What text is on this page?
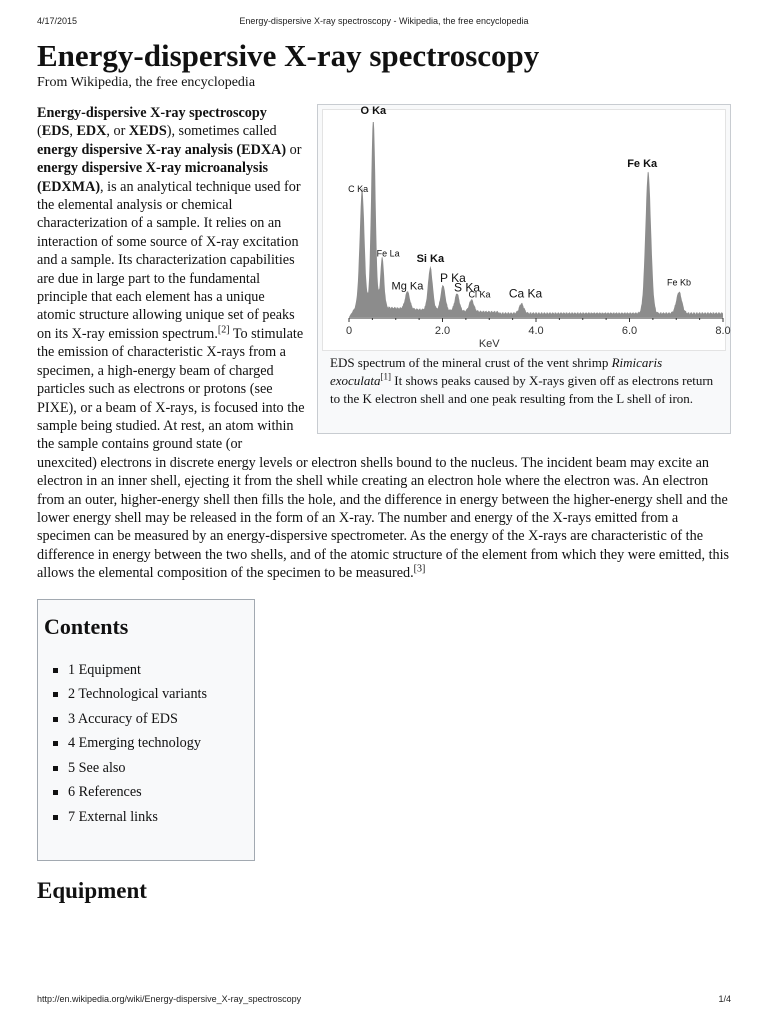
4/17/2015	Energy-dispersive X-ray spectroscopy - Wikipedia, the free encyclopedia
Energy-dispersive X-ray spectroscopy
From Wikipedia, the free encyclopedia
0	2.0	4.0	6.0	8.0
C Ka
O Ka
Fe La
Mg Ka
Si Ka
P Ka
S Ka
Cl Ka Ca Ka
Fe Ka
Fe Kb
KeV
EDS spectrum of the mineral crust of the vent shrimp Rimicaris exoculata[1] It shows peaks caused by X-rays given off as electrons return to the K electron shell and one peak resulting from the L shell of iron.

Energy-dispersive X-ray spectroscopy (EDS, EDX, or XEDS), sometimes called energy dispersive X-ray analysis (EDXA) or energy dispersive X-ray microanalysis (EDXMA), is an analytical technique used for the elemental analysis or chemical characterization of a sample. It relies on an interaction of some source of X-ray excitation and a sample. Its characterization capabilities are due in large part to the fundamental principle that each element has a unique atomic structure allowing unique set of peaks on its X-ray emission spectrum.[2] To stimulate the emission of characteristic X-rays from a specimen, a high-energy beam of charged particles such as electrons or protons (see PIXE), or a beam of X-rays, is focused into the sample being studied. At rest, an atom within the sample contains ground state (or unexcited) electrons in discrete energy levels or electron shells bound to the nucleus. The incident beam may excite an electron in an inner shell, ejecting it from the shell while creating an electron hole where the electron was. An electron from an outer, higher-energy shell then fills the hole, and the difference in energy between the higher-energy shell and the lower energy shell may be released in the form of an X-ray. The number and energy of the X-rays emitted from a specimen can be measured by an energy-dispersive spectrometer. As the energy of the X-rays are characteristic of the difference in energy between the two shells, and of the atomic structure of the element from which they were emitted, this allows the elemental composition of the specimen to be measured.[3]

Contents
1 Equipment
2 Technological variants
3 Accuracy of EDS
4 Emerging technology
5 See also
6 References
7 External links
Equipment
http://en.wikipedia.org/wiki/Energy-dispersive_X-ray_spectroscopy	1/4
